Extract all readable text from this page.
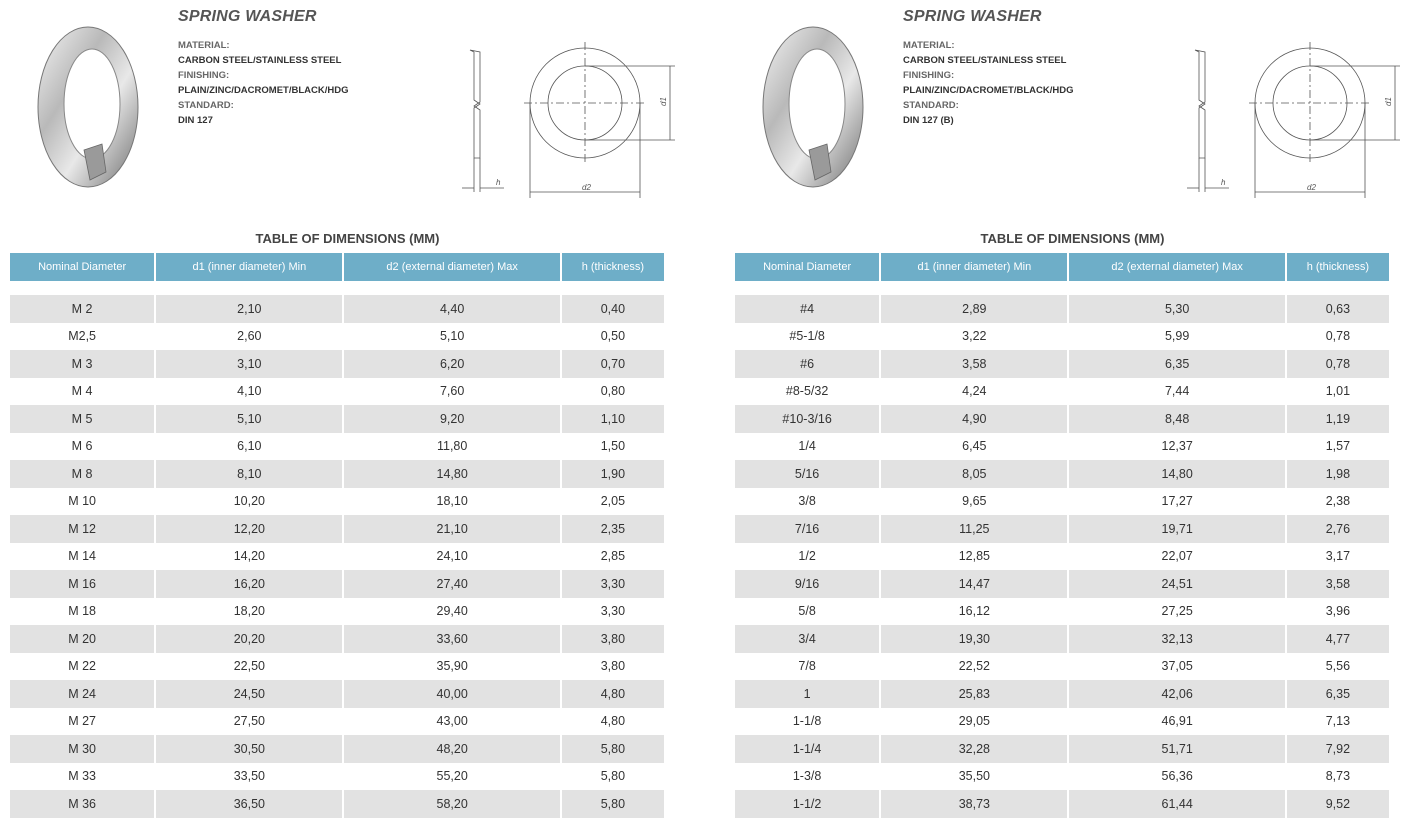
SPRING WASHER
MATERIAL:
CARBON STEEL/STAINLESS STEEL
FINISHING:
PLAIN/ZINC/DACROMET/BLACK/HDG
STANDARD:
DIN 127
h
d2
d1
TABLE OF DIMENSIONS (MM)
Nominal Diameter	d1 (inner diameter) Min	d2 (external diameter) Max	h (thickness)

M 2	2,10	4,40	0,40
M2,5	2,60	5,10	0,50
M 3	3,10	6,20	0,70
M 4	4,10	7,60	0,80
M 5	5,10	9,20	1,10
M 6	6,10	11,80	1,50
M 8	8,10	14,80	1,90
M 10	10,20	18,10	2,05
M 12	12,20	21,10	2,35
M 14	14,20	24,10	2,85
M 16	16,20	27,40	3,30
M 18	18,20	29,40	3,30
M 20	20,20	33,60	3,80
M 22	22,50	35,90	3,80
M 24	24,50	40,00	4,80
M 27	27,50	43,00	4,80
M 30	30,50	48,20	5,80
M 33	33,50	55,20	5,80
M 36	36,50	58,20	5,80
SPRING WASHER
MATERIAL:
CARBON STEEL/STAINLESS STEEL
FINISHING:
PLAIN/ZINC/DACROMET/BLACK/HDG
STANDARD:
DIN 127 (B)
h
d2
d1
TABLE OF DIMENSIONS (MM)
Nominal Diameter	d1 (inner diameter) Min	d2 (external diameter) Max	h (thickness)

#4	2,89	5,30	0,63
#5-1/8	3,22	5,99	0,78
#6	3,58	6,35	0,78
#8-5/32	4,24	7,44	1,01
#10-3/16	4,90	8,48	1,19
1/4	6,45	12,37	1,57
5/16	8,05	14,80	1,98
3/8	9,65	17,27	2,38
7/16	11,25	19,71	2,76
1/2	12,85	22,07	3,17
9/16	14,47	24,51	3,58
5/8	16,12	27,25	3,96
3/4	19,30	32,13	4,77
7/8	22,52	37,05	5,56
1	25,83	42,06	6,35
1-1/8	29,05	46,91	7,13
1-1/4	32,28	51,71	7,92
1-3/8	35,50	56,36	8,73
1-1/2	38,73	61,44	9,52
